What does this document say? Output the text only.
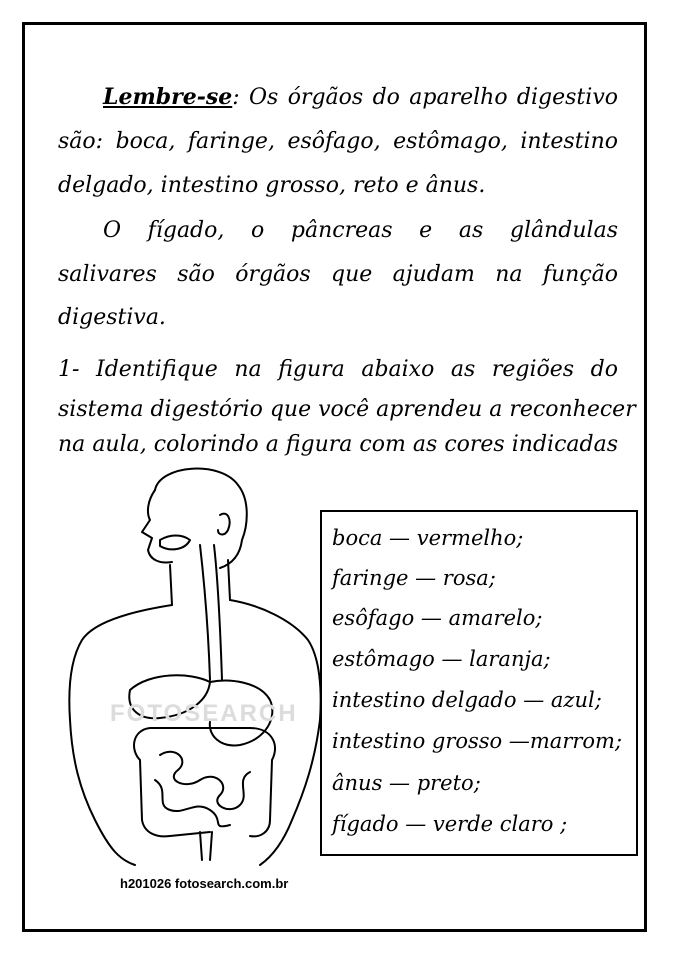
Lembre-se: Os órgãos do aparelho digestivo
são: boca, faringe, esôfago, estômago, intestino
delgado, intestino grosso, reto e ânus.
O fígado, o pâncreas e as glândulas
salivares são órgãos que ajudam na função
digestiva.
1- Identifique na figura abaixo as regiões do
sistema digestório que você aprendeu a reconhecer
na aula, colorindo a figura com as cores indicadas
FOTOSEARCH
h201026 fotosearch.com.br
boca — vermelho;
faringe — rosa;
esôfago — amarelo;
estômago — laranja;
intestino delgado — azul;
intestino grosso —marrom;
ânus — preto;
fígado — verde claro ;
